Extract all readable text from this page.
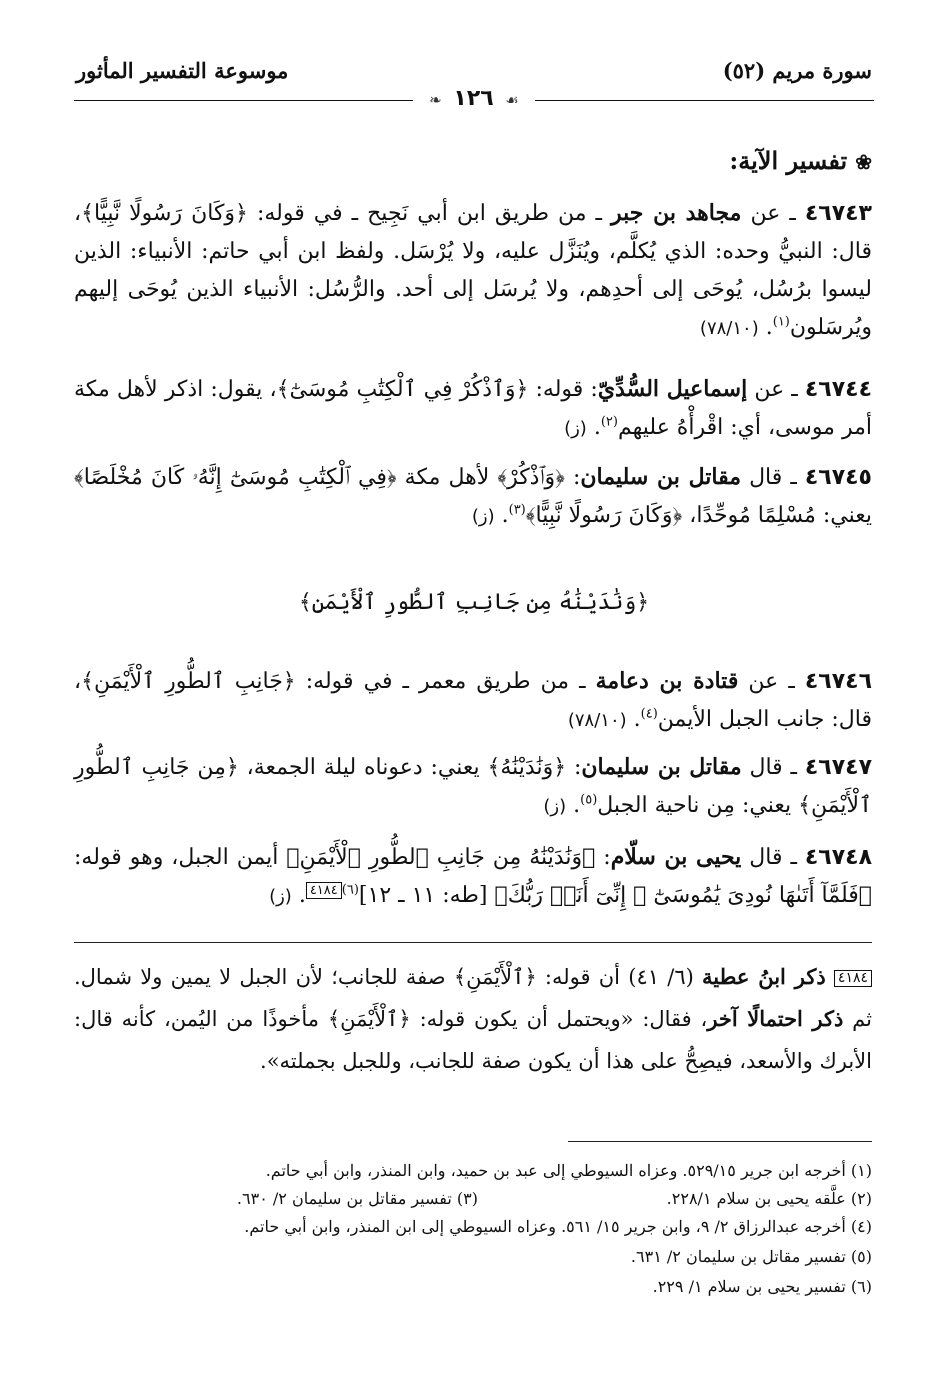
موسوعة التفسير المأثور	سورة مريم (٥٢)
❧ ١٢٦ ☙
❀تفسير الآية:
٤٦٧٤٣ ـ عن مجاهد بن جبر ـ من طريق ابن أبي نَجِيح ـ في قوله: ﴿وَكَانَ رَسُولًا نَّبِيًّا﴾، قال: النبيُّ وحده: الذي يُكلَّم، ويُنَزَّل عليه، ولا يُرْسَل. ولفظ ابن أبي حاتم: الأنبياء: الذين ليسوا برُسُل، يُوحَى إلى أحدِهم، ولا يُرسَل إلى أحد. والرُّسُل: الأنبياء الذين يُوحَى إليهم ويُرسَلون$^{(١)}$. (٧٨/١٠)
٤٦٧٤٤ ـ عن إسماعيل السُّدِّيّ: قوله: ﴿وَٱذْكُرْ فِي ٱلْكِتَٰبِ مُوسَىٰٓ﴾، يقول: اذكر لأهل مكة أمر موسى، أي: اقْرأْهُ عليهم$^{(٢)}$. (ز)
٤٦٧٤٥ ـ قال مقاتل بن سليمان: ﴿وَٱذْكُرْ﴾ لأهل مكة ﴿فِي ٱلْكِتَٰبِ مُوسَىٰٓ إِنَّهُۥ كَانَ مُخْلَصًا﴾ يعني: مُسْلِمًا مُوحِّدًا، ﴿وَكَانَ رَسُولًا نَّبِيًّا﴾$^{(٣)}$. (ز)
﴿وَنَٰدَيْنَٰهُ مِن جَانِبِ ٱلطُّورِ ٱلْأَيْمَنِ﴾
٤٦٧٤٦ ـ عن قتادة بن دعامة ـ من طريق معمر ـ في قوله: ﴿جَانِبِ ٱلطُّورِ ٱلْأَيْمَنِ﴾، قال: جانب الجبل الأيمن$^{(٤)}$. (٧٨/١٠)
٤٦٧٤٧ ـ قال مقاتل بن سليمان: ﴿وَنَٰدَيْنَٰهُ﴾ يعني: دعوناه ليلة الجمعة، ﴿مِن جَانِبِ ٱلطُّورِ ٱلْأَيْمَنِ﴾ يعني: مِن ناحية الجبل$^{(٥)}$. (ز)
٤٦٧٤٨ ـ قال يحيى بن سلّام: ﴿وَنَٰدَيْنَٰهُ مِن جَانِبِ ٱلطُّورِ ٱلْأَيْمَنِ﴾ أيمن الجبل، وهو قوله: ﴿فَلَمَّآ أَتَىٰهَا نُودِىَ يَٰمُوسَىٰٓ ⑪ إِنِّىٓ أَنَا۠ رَبُّكَ﴾ [طه: ١١ ـ ١٢]$^{(٦)}$٤١٨٤. (ز)
٤١٨٤ ذكر ابنُ عطية (٦/ ٤١) أن قوله: ﴿ٱلْأَيْمَنِ﴾ صفة للجانب؛ لأن الجبل لا يمين ولا شمال. ثم ذكر احتمالًا آخر، فقال: «ويحتمل أن يكون قوله: ﴿ٱلْأَيْمَنِ﴾ مأخوذًا من اليُمن، كأنه قال: الأبرك والأسعد، فيصِحُّ على هذا أن يكون صفة للجانب، وللجبل بجملته».
(١) أخرجه ابن جرير ٥٢٩/١٥. وعزاه السيوطي إلى عبد بن حميد، وابن المنذر، وابن أبي حاتم.
(٢) علَّقه يحيى بن سلام ٢٢٨/١.
(٣) تفسير مقاتل بن سليمان ٢/ ٦٣٠.
(٤) أخرجه عبدالرزاق ٢/ ٩، وابن جرير ١٥/ ٥٦١. وعزاه السيوطي إلى ابن المنذر، وابن أبي حاتم.
(٥) تفسير مقاتل بن سليمان ٢/ ٦٣١.
(٦) تفسير يحيى بن سلام ١/ ٢٢٩.
